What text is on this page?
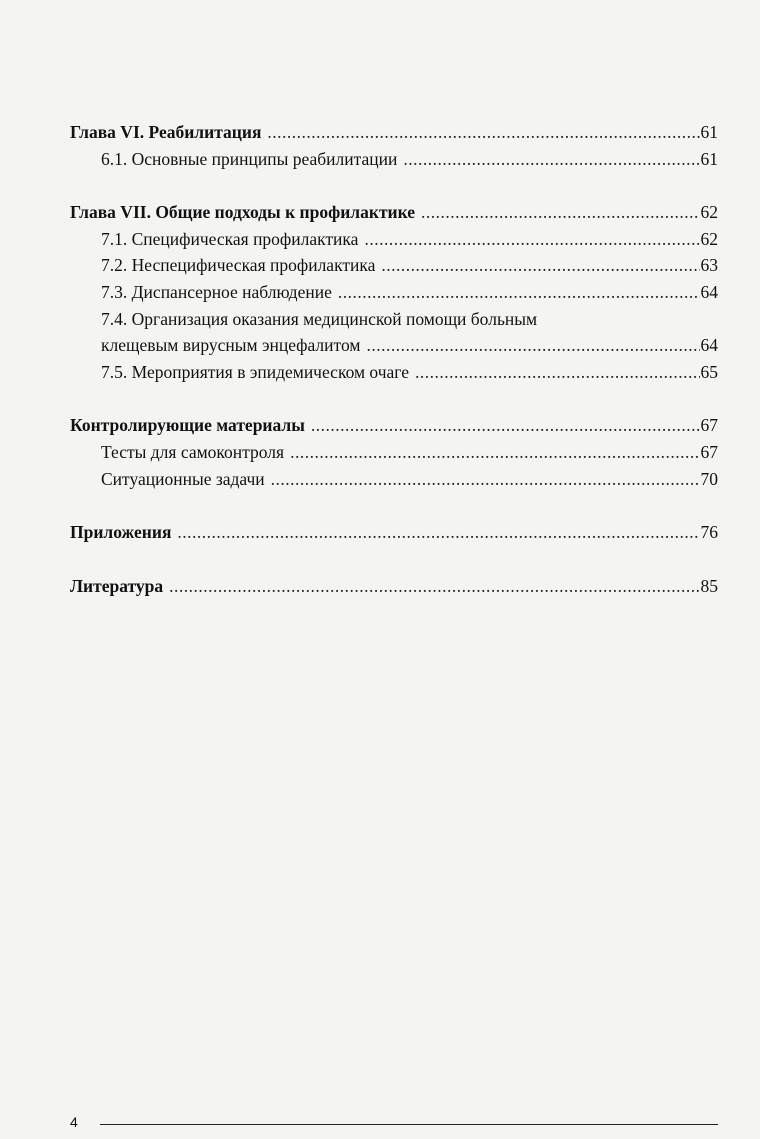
Глава VI. Реабилитация .....	61
6.1. Основные принципы реабилитации .....	61
Глава VII. Общие подходы к профилактике .....	62
7.1. Специфическая профилактика .....	62
7.2. Неспецифическая профилактика .....	63
7.3. Диспансерное наблюдение .....	64
7.4. Организация оказания медицинской помощи больным
клещевым вирусным энцефалитом .....	64
7.5. Мероприятия в эпидемическом очаге .....	65
Контролирующие материалы .....	67
Тесты для самоконтроля .....	67
Ситуационные задачи .....	70
Приложения .....	76
Литература .....	85
4
